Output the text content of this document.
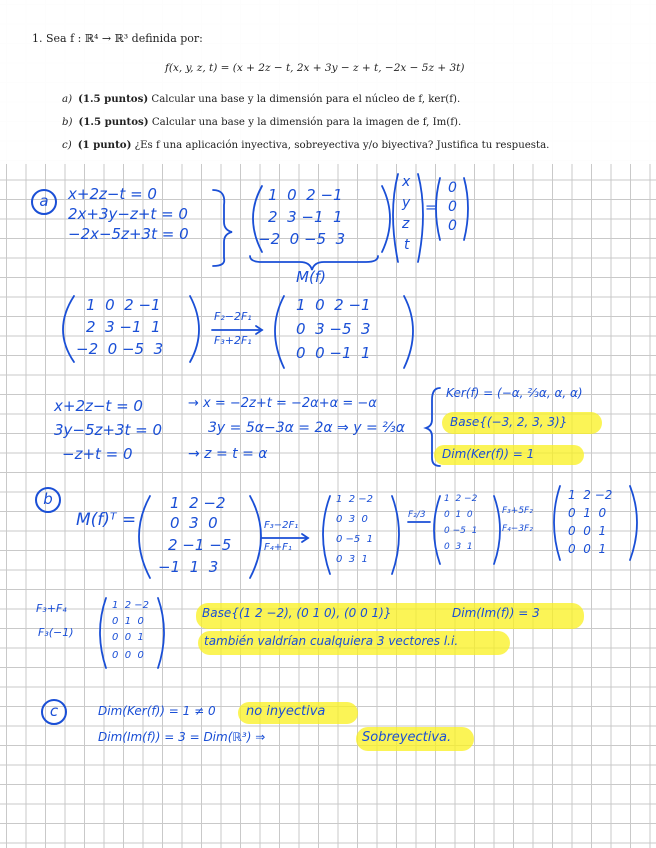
1. Sea f : ℝ⁴ → ℝ³ definida por:
f(x, y, z, t) = (x + 2z − t, 2x + 3y − z + t, −2x − 5z + 3t)
a) (1.5 puntos) Calcular una base y la dimensión para el núcleo de f, ker(f).
b) (1.5 puntos) Calcular una base y la dimensión para la imagen de f, Im(f).
c) (1 punto) ¿Es f una aplicación inyectiva, sobreyectiva y/o biyectiva? Justifica tu respuesta.
a	x+2z−t = 0
2x+3y−z+t = 0
−2x−5z+3t = 0
1  0  2 −1
2  3 −1  1
−2  0 −5  3
x
y
z
t
=
0
0
0
M(f)
1  0  2 −1
2  3 −1  1
−2  0 −5  3
F₂−2F₁
F₃+2F₁
1  0  2 −1
0  3 −5  3
0  0 −1  1
x+2z−t = 0
3y−5z+3t = 0
−z+t = 0
→ x = −2z+t = −2α+α = −α
3y = 5α−3α = 2α ⇒ y = ⅔α
→ z = t = α
Ker(f) = (−α, ⅔α, α, α)
Base{(−3, 2, 3, 3)}
Dim(Ker(f)) = 1
b
M(f)ᵀ =
1  2 −2
0  3  0
2 −1 −5
−1  1  3
F₃−2F₁
F₄+F₁
1  2 −2
0  3  0
0 −5  1
0  3  1
F₂/3
1  2 −2
0  1  0
0 −5  1
0  3  1
F₃+5F₂
F₄−3F₂
1  2 −2
0  1  0
0  0  1
0  0  1
F₃+F₄
F₃(−1)
1  2 −2
0  1  0
0  0  1
0  0  0
Base{(1 2 −2), (0 1 0), (0 0 1)}	Dim(Im(f)) = 3
también valdrían cualquiera 3 vectores l.i.
c	Dim(Ker(f)) = 1 ≠ 0 no inyectiva
Dim(Im(f)) = 3 = Dim(ℝ³) ⇒	Sobreyectiva.
